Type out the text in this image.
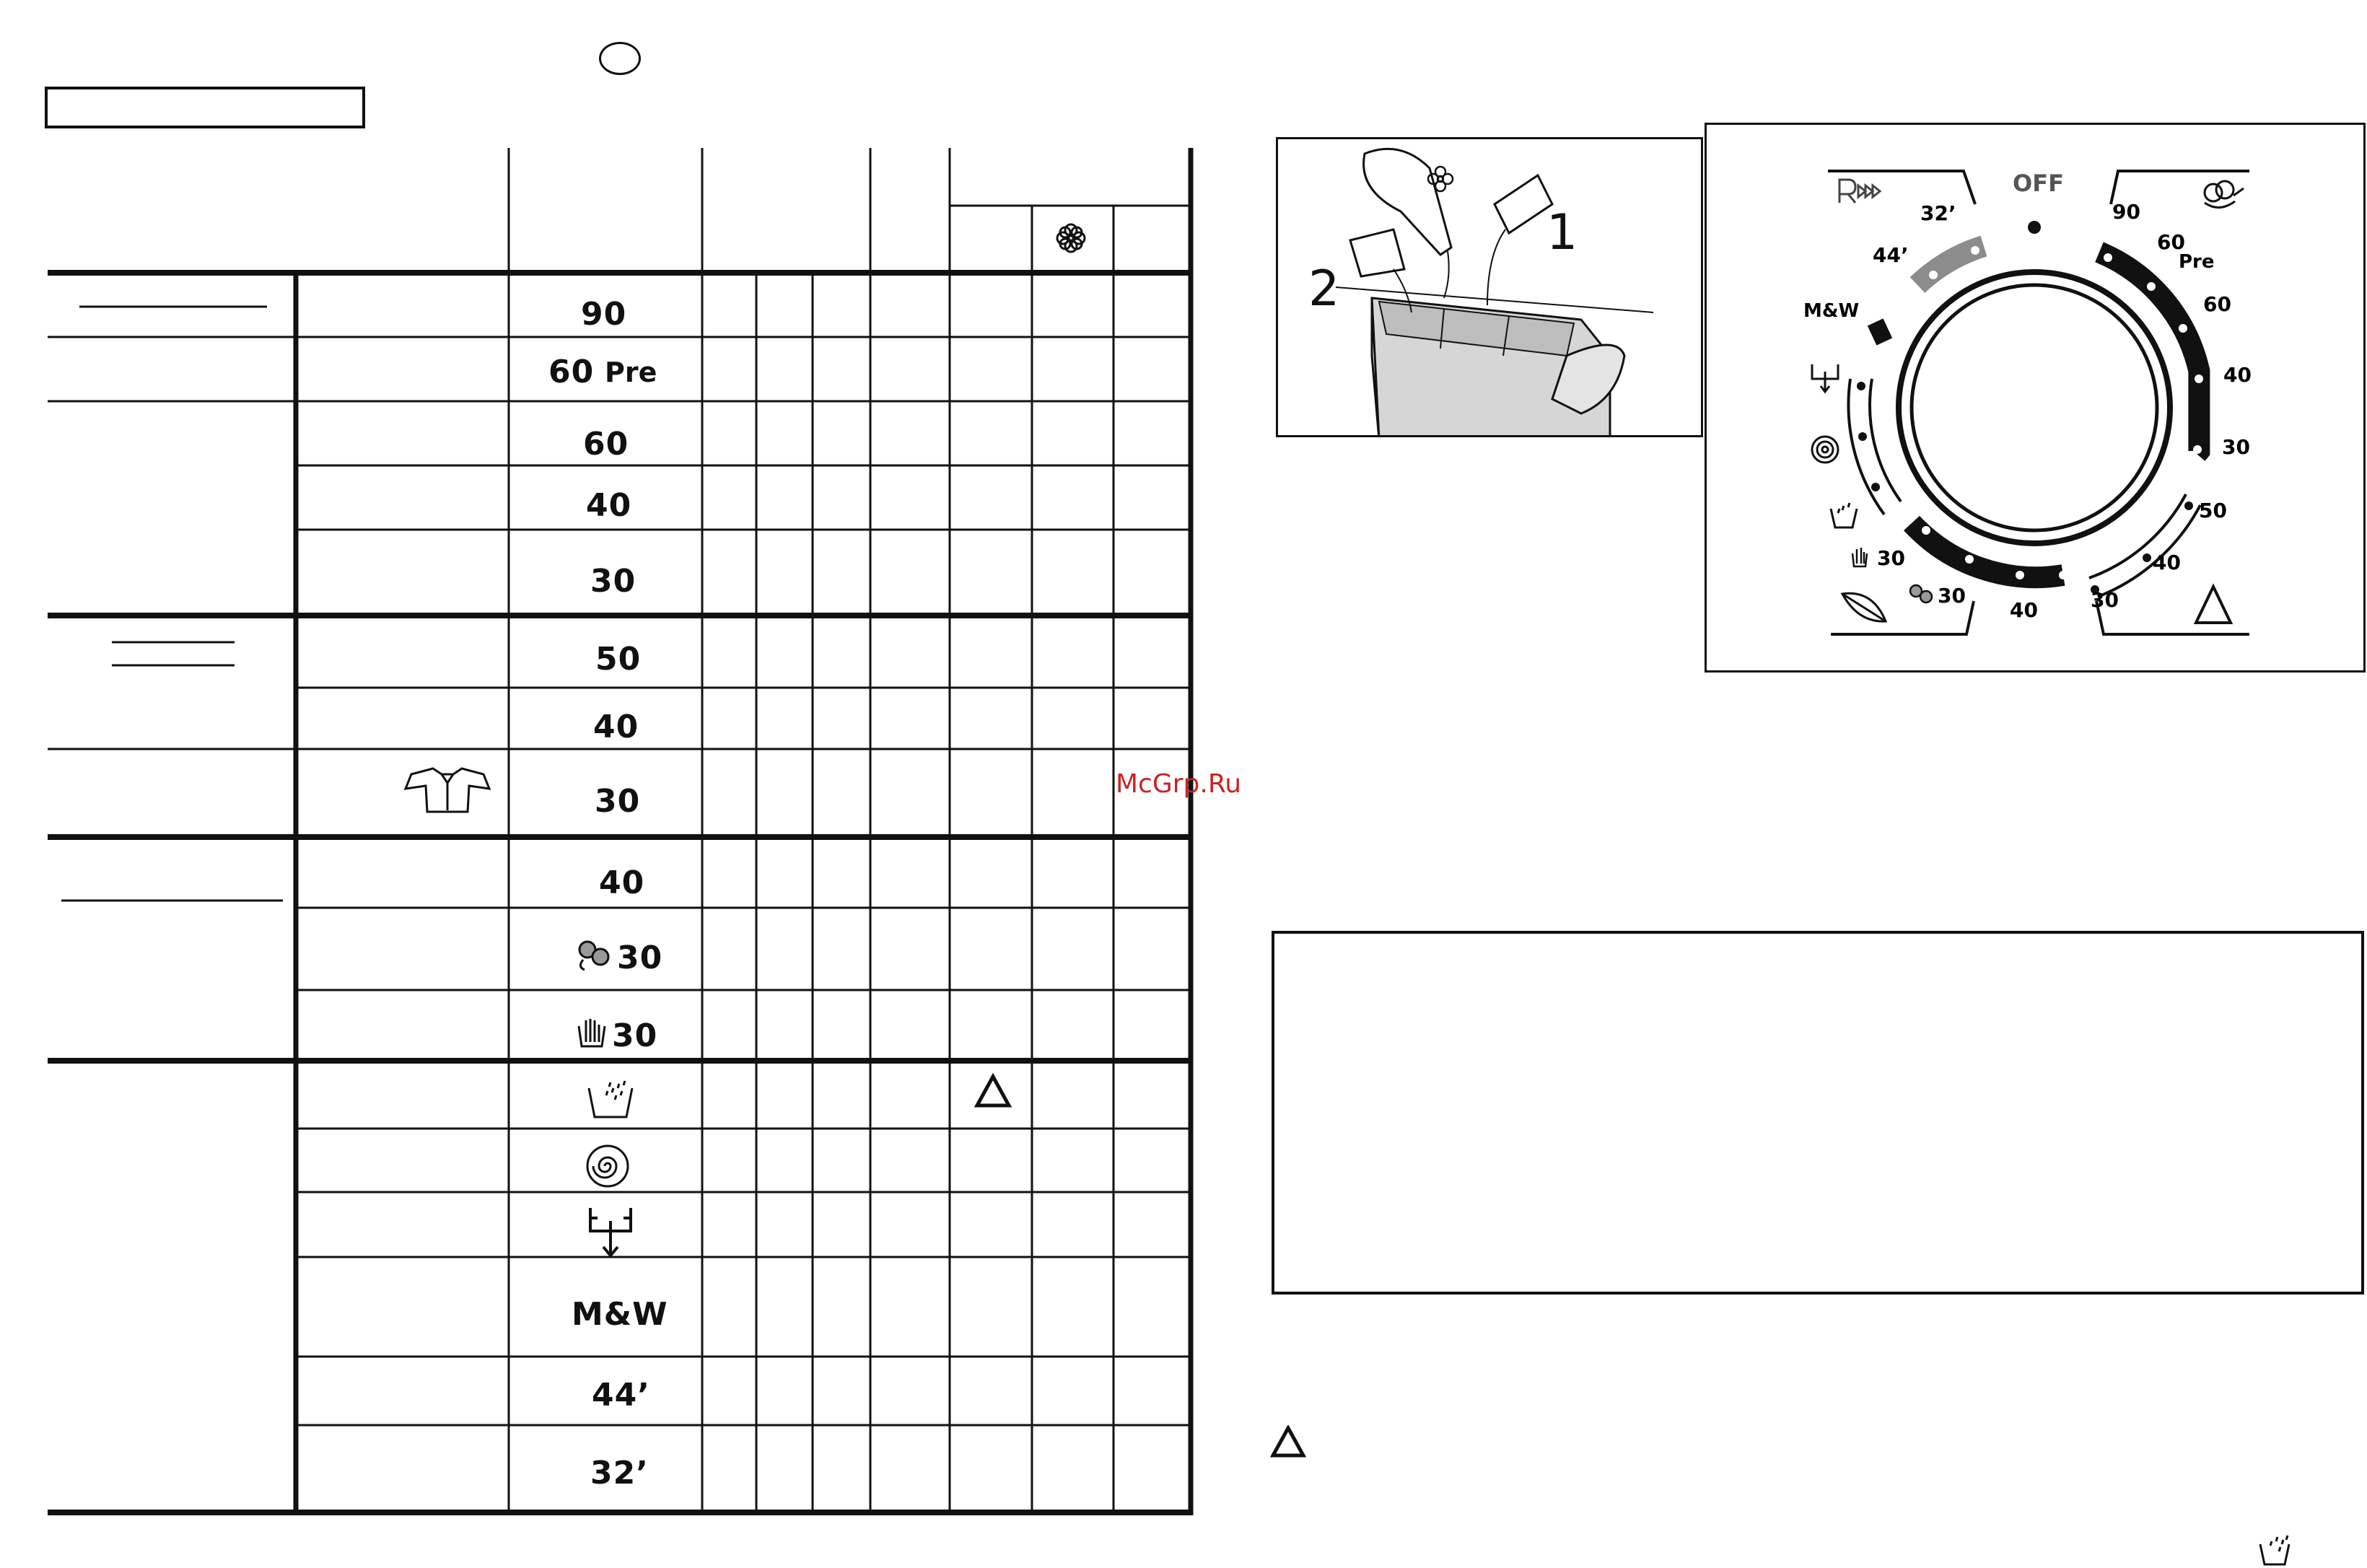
90
60 Pre
60
40
30
50
40
30
40
30
30
M&W
44’
32’
McGrp.Ru
1
2
OFF
32’
44’
M&W
90
60
Pre
60
40
30
50
40
30
30
30
40
